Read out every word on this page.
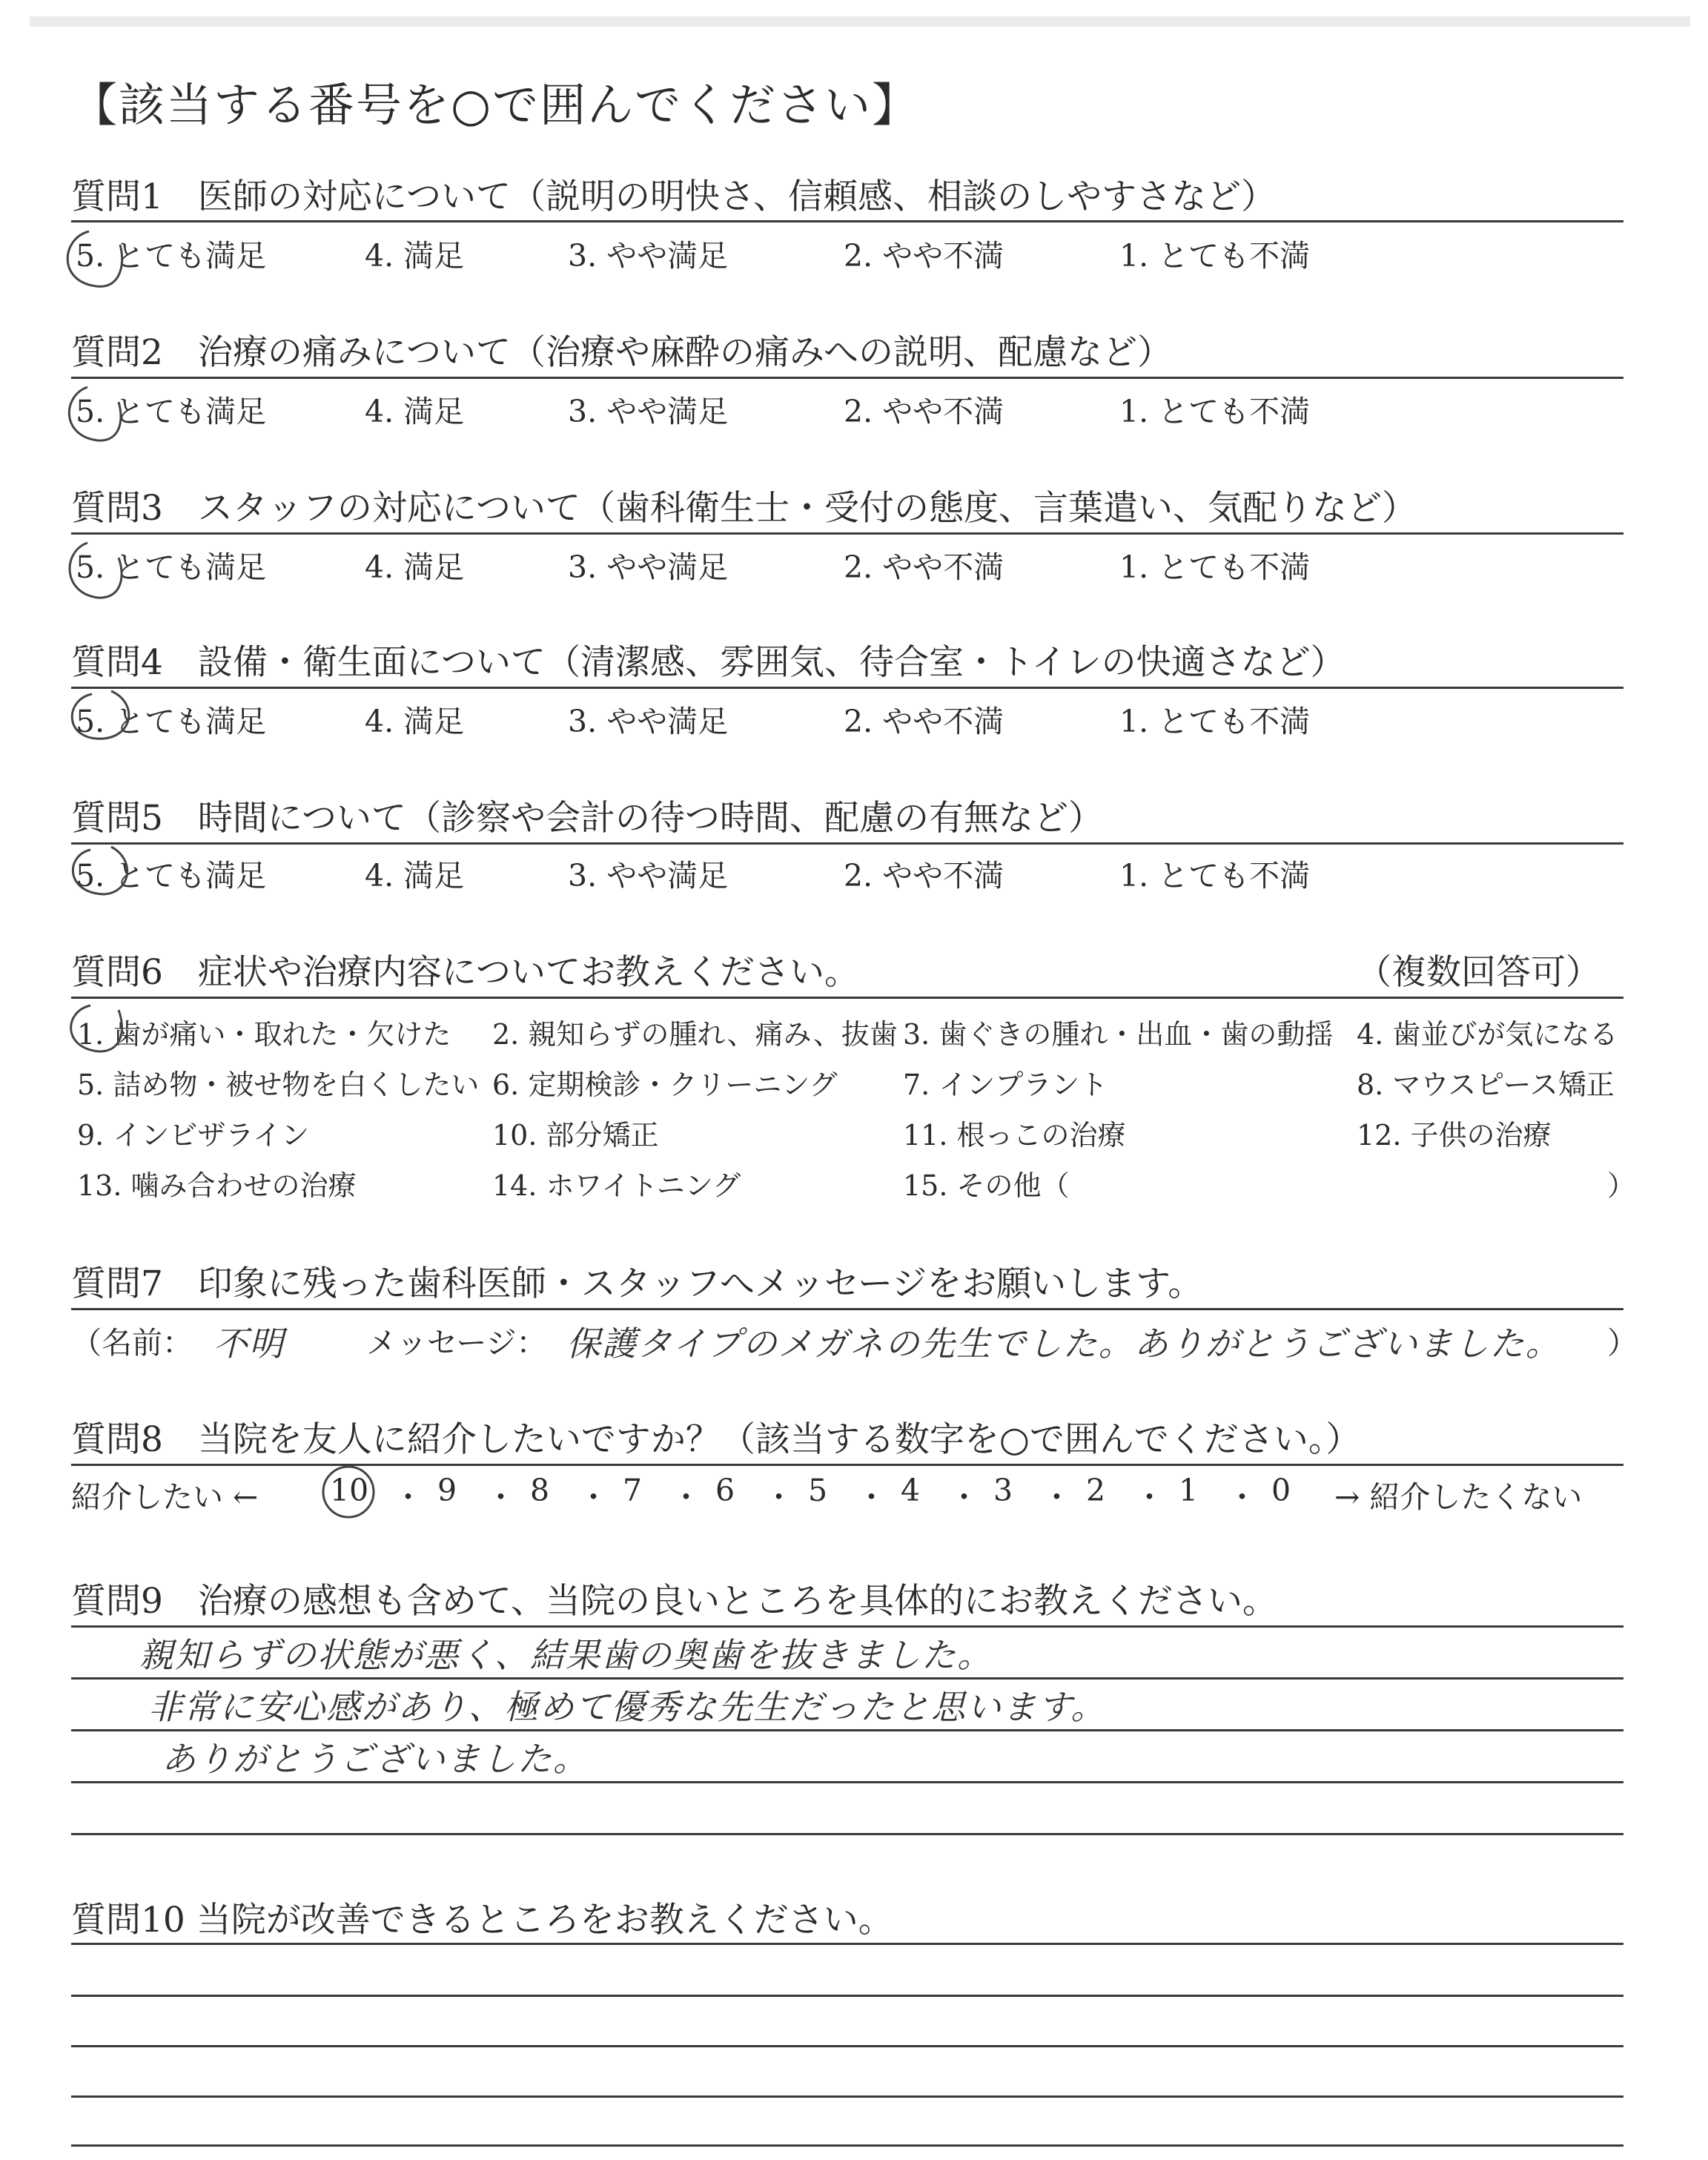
【該当する番号を○で囲んでください】
質問1　医師の対応について（説明の明快さ、信頼感、相談のしやすさなど）
5. とても満足	4. 満足	3. やや満足	2. やや不満	1. とても不満
質問2　治療の痛みについて（治療や麻酔の痛みへの説明、配慮など）
5. とても満足	4. 満足	3. やや満足	2. やや不満	1. とても不満
質問3　スタッフの対応について（歯科衛生士・受付の態度、言葉遣い、気配りなど）
5. とても満足	4. 満足	3. やや満足	2. やや不満	1. とても不満
質問4　設備・衛生面について（清潔感、雰囲気、待合室・トイレの快適さなど）
5. とても満足	4. 満足	3. やや満足	2. やや不満	1. とても不満
質問5　時間について（診察や会計の待つ時間、配慮の有無など）
5. とても満足	4. 満足	3. やや満足	2. やや不満	1. とても不満
質問6　症状や治療内容についてお教えください。	（複数回答可）
1. 歯が痛い・取れた・欠けた 2. 親知らずの腫れ、痛み、抜歯 3. 歯ぐきの腫れ・出血・歯の動揺 4. 歯並びが気になる
5. 詰め物・被せ物を白くしたい 6. 定期検診・クリーニング 7. インプラント	8. マウスピース矯正
9. インビザライン	10. 部分矯正	11. 根っこの治療	12. 子供の治療
13. 噛み合わせの治療	14. ホワイトニング	15. その他（	）
質問7　印象に残った歯科医師・スタッフへメッセージをお願いします。
（名前： 不明	メッセージ： 保護タイプのメガネの先生でした。ありがとうございました。 ）
質問8　当院を友人に紹介したいですか？（該当する数字を○で囲んでください。）
紹介したい ← 10 ・ 9 ・ 8 ・ 7 ・ 6 ・ 5 ・ 4 ・ 3 ・ 2 ・ 1 ・ 0 → 紹介したくない
質問9　治療の感想も含めて、当院の良いところを具体的にお教えください。
親知らずの状態が悪く、結果歯の奥歯を抜きました。
非常に安心感があり、極めて優秀な先生だったと思います。
ありがとうございました。
質問10 当院が改善できるところをお教えください。
